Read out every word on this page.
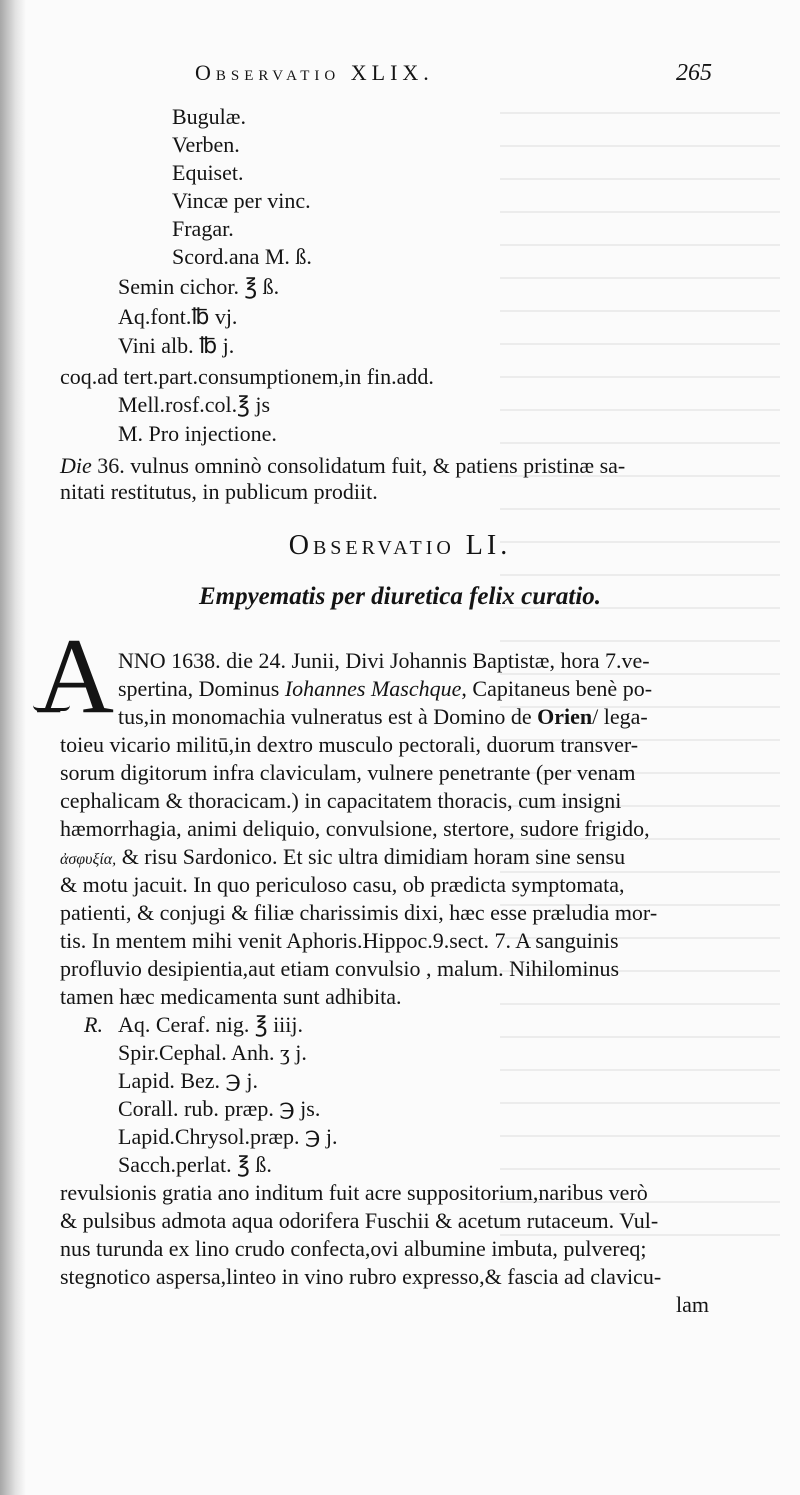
Observatio XLIX.	265
Bugulæ.
Verben.
Equiset.
Vincæ per vinc.
Fragar.
Scord.ana M. ß.
Semin cichor. ℥ ß.
Aq.font.℔ vj.
Vini alb. ℔ j.
coq.ad tert.part.consumptionem,in fin.add.
Mell.rosf.col.℥ js
M. Pro injectione.
Die 36. vulnus omninò consolidatum fuit, & patiens pristinæ sa-
nitati restitutus, in publicum prodiit.
Observatio LI.
Empyematis per diuretica felix curatio.
A NNO 1638. die 24. Junii, Divi Johannis Baptistæ, hora 7.ve-
spertina, Dominus Iohannes Maschque, Capitaneus benè po-
tus,in monomachia vulneratus est à Domino de Orien/ lega-
toieu vicario militū,in dextro musculo pectorali, duorum transver-
sorum digitorum infra claviculam, vulnere penetrante (per venam
cephalicam & thoracicam.) in capacitatem thoracis, cum insigni
hæmorrhagia, animi deliquio, convulsione, stertore, sudore frigido,
ἀσφυξία, & risu Sardonico. Et sic ultra dimidiam horam sine sensu
& motu jacuit. In quo periculoso casu, ob prædicta symptomata,
patienti, & conjugi & filiæ charissimis dixi, hæc esse præludia mor-
tis. In mentem mihi venit Aphoris.Hippoc.9.sect. 7. A sanguinis
profluvio desipientia,aut etiam convulsio , malum. Nihilominus
tamen hæc medicamenta sunt adhibita.
R. Aq. Ceraf. nig. ℥ iiij.
Spir.Cephal. Anh. ʒ j.
Lapid. Bez. ℈ j.
Corall. rub. præp. ℈ js.
Lapid.Chrysol.præp. ℈ j.
Sacch.perlat. ℥ ß.
revulsionis gratia ano inditum fuit acre suppositorium,naribus verò
& pulsibus admota aqua odorifera Fuschii & acetum rutaceum. Vul-
nus turunda ex lino crudo confecta,ovi albumine imbuta, pulvereq;
stegnotico aspersa,linteo in vino rubro expresso,& fascia ad clavicu-
lam
